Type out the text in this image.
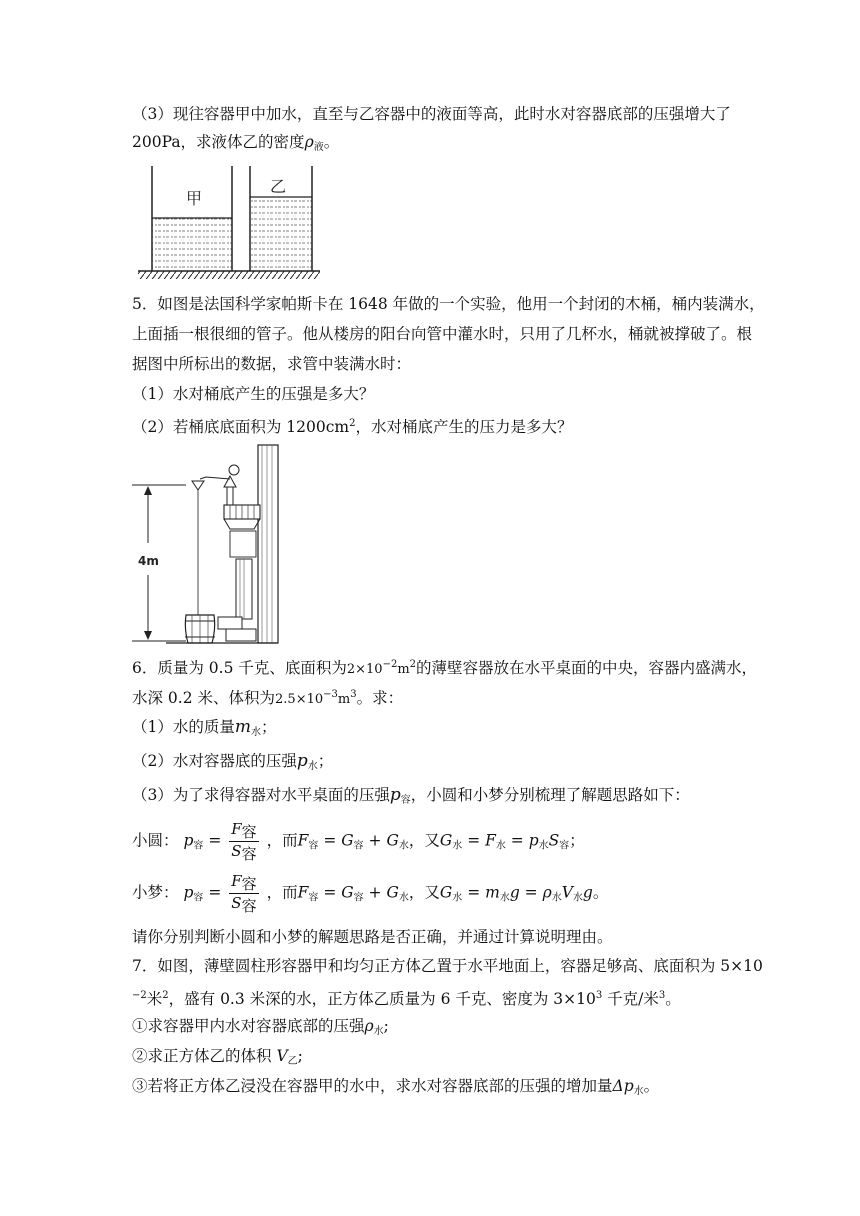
（3）现往容器甲中加水，直至与乙容器中的液面等高，此时水对容器底部的压强增大了
200Pa，求液体乙的密度$\rho_液$。
甲
乙
5．如图是法国科学家帕斯卡在 1648 年做的一个实验，他用一个封闭的木桶，桶内装满水，
上面插一根很细的管子。他从楼房的阳台向管中灌水时，只用了几杯水，桶就被撑破了。根
据图中所标出的数据，求管中装满水时：
（1）水对桶底产生的压强是多大？
（2）若桶底底面积为 $1200cm^2$，水对桶底产生的压力是多大？
4m
6．质量为 0.5 千克、底面积为$2\times 10^{-2}m^2$的薄壁容器放在水平桌面的中央，容器内盛满水，
水深 0.2 米、体积为$2.5\times 10^{-3}m^3$。求：
（1）水的质量$m_水$；
（2）水对容器底的压强$p_水$；
（3）为了求得容器对水平桌面的压强$p_容$，小圆和小梦分别梳理了解题思路如下：
小圆： $p_容 = \frac{\text{F容}}{\text{S容}}$ ，而$F_容 = G_容 + G_水$，又$G_水 = F_水 = p_水S_容$；
小梦： $p_容 = \frac{\text{F容}}{\text{S容}}$ ，而$F_容 = G_容 + G_水$，又$G_水 = m_水g = \rho_水V_水g$。
请你分别判断小圆和小梦的解题思路是否正确，并通过计算说明理由。
7．如图，薄壁圆柱形容器甲和均匀正方体乙置于水平地面上，容器足够高、底面积为 5×10
$^{-2}$米$^2$，盛有 0.3 米深的水，正方体乙质量为 6 千克、密度为 $3\times 10^3$ 千克/米$^3$。
①求容器甲内水对容器底部的压强$\rho_水$;
②求正方体乙的体积 $V_乙$;
③若将正方体乙浸没在容器甲的水中，求水对容器底部的压强的增加量$\Delta p_水$。
